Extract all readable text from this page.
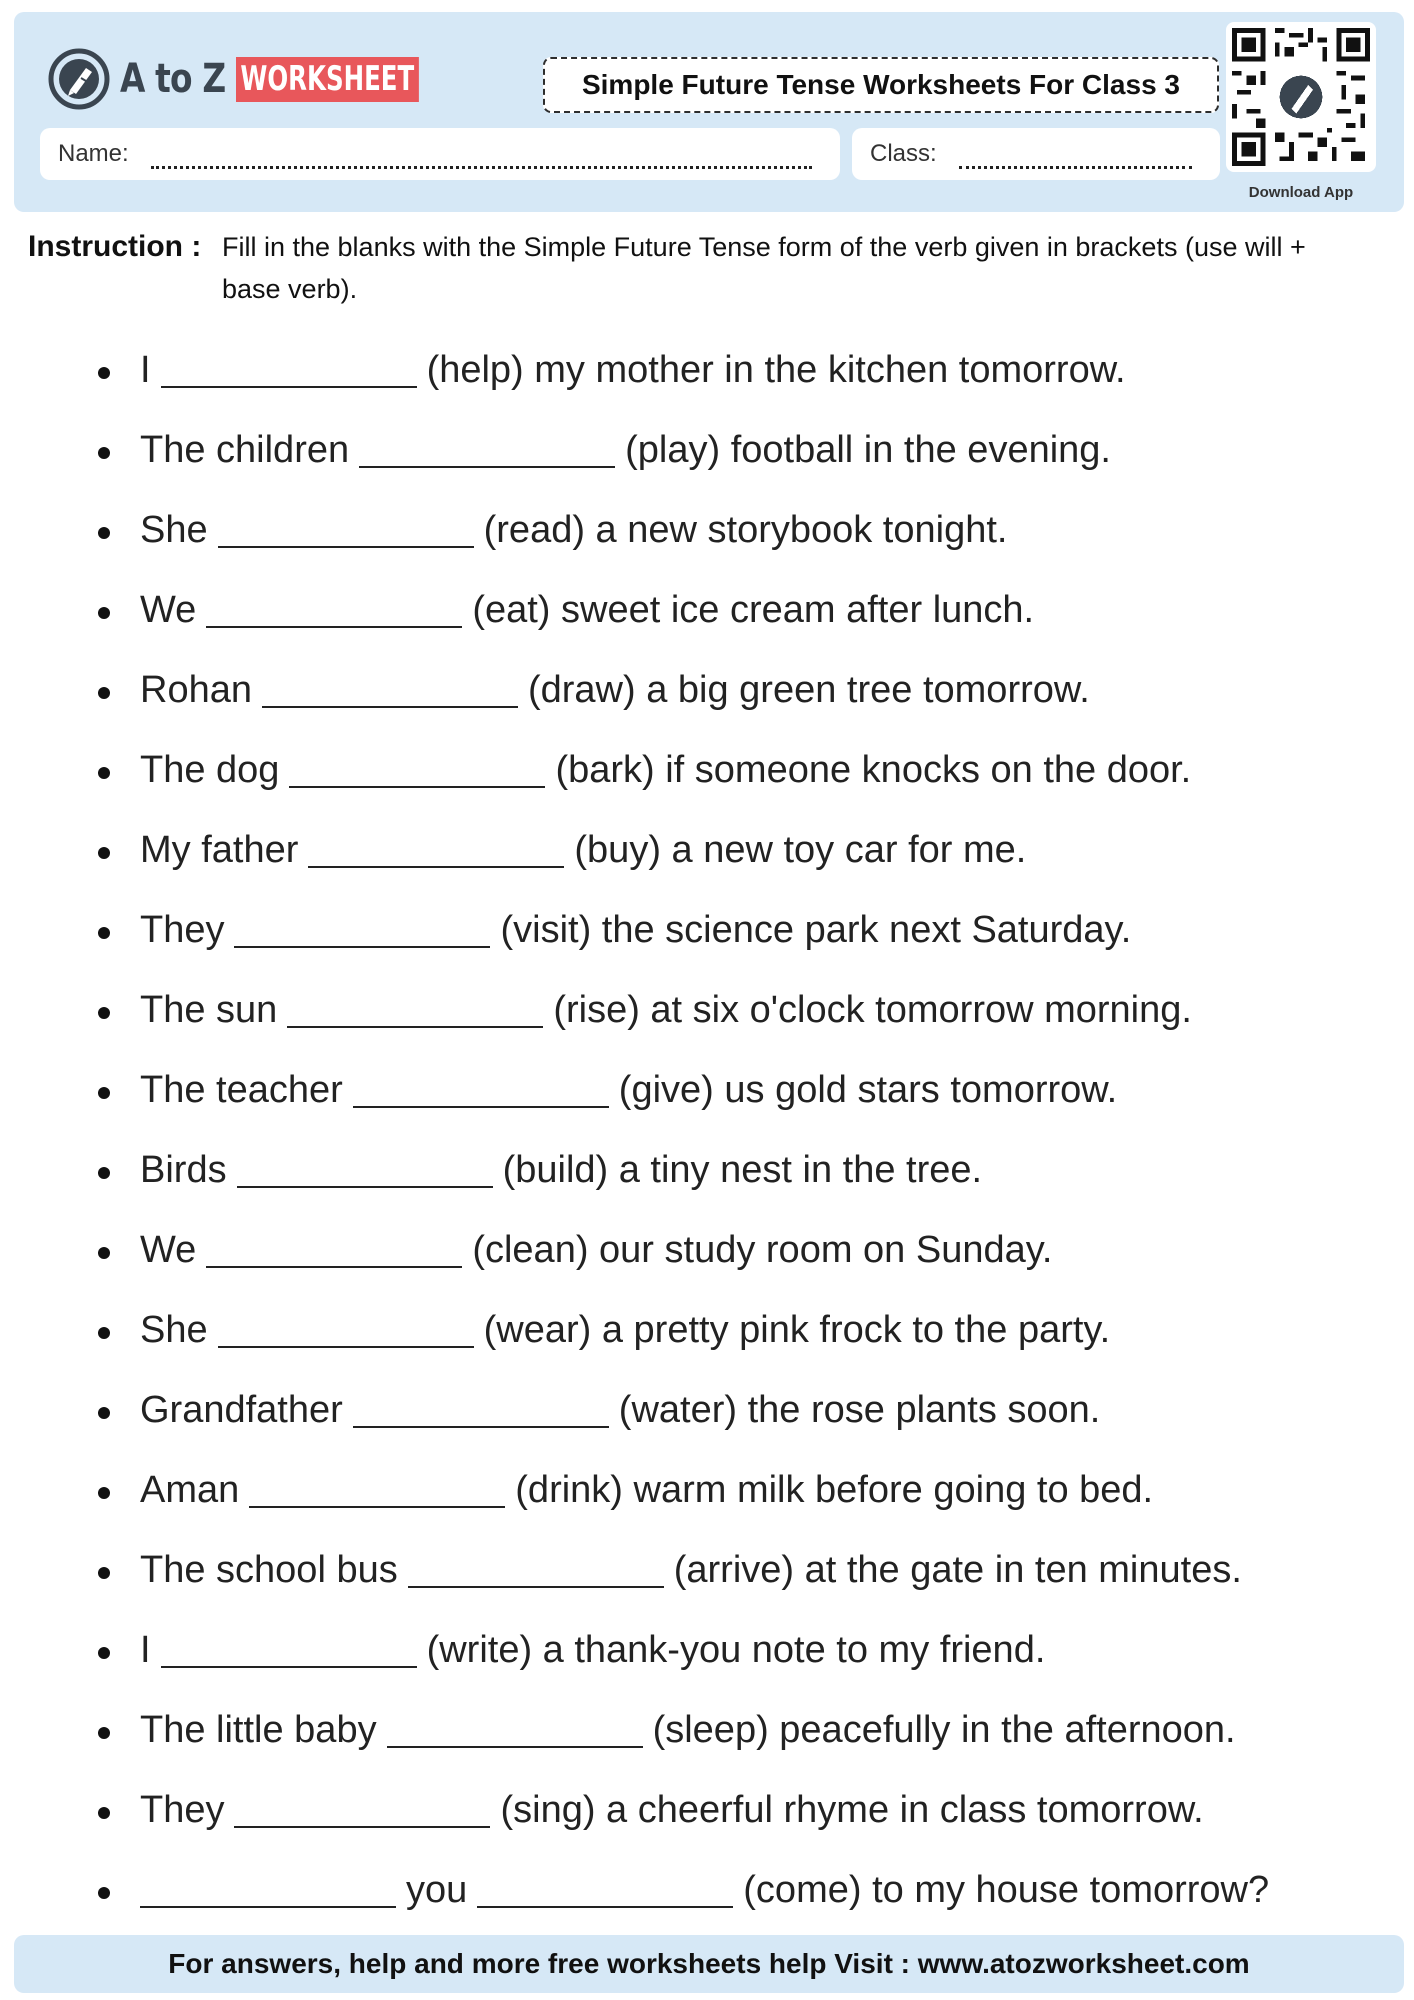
A to Z WORKSHEET	Simple Future Tense Worksheets For Class 3
Download App
Name:	Class:
Instruction : Fill in the blanks with the Simple Future Tense form of the verb given in brackets (use will + base verb).
I	(help) my mother in the kitchen tomorrow.
The children	(play) football in the evening.
She	(read) a new storybook tonight.
We	(eat) sweet ice cream after lunch.
Rohan	(draw) a big green tree tomorrow.
The dog	(bark) if someone knocks on the door.
My father	(buy) a new toy car for me.
They	(visit) the science park next Saturday.
The sun	(rise) at six o'clock tomorrow morning.
The teacher	(give) us gold stars tomorrow.
Birds	(build) a tiny nest in the tree.
We	(clean) our study room on Sunday.
She	(wear) a pretty pink frock to the party.
Grandfather	(water) the rose plants soon.
Aman	(drink) warm milk before going to bed.
The school bus	(arrive) at the gate in ten minutes.
I	(write) a thank-you note to my friend.
The little baby	(sleep) peacefully in the afternoon.
They	(sing) a cheerful rhyme in class tomorrow.
you	(come) to my house tomorrow?
For answers, help and more free worksheets help Visit : www.atozworksheet.com
